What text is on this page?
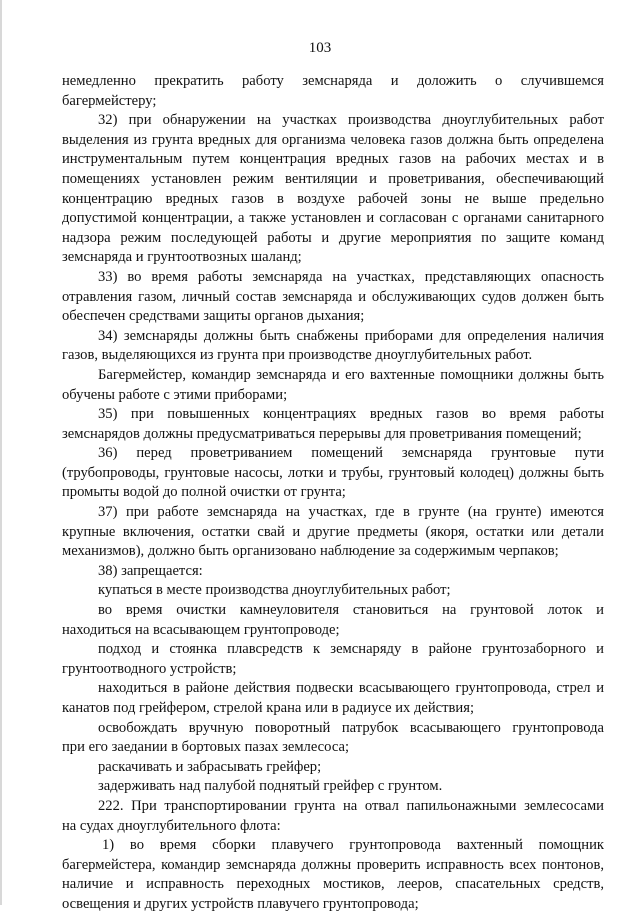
103

немедленно прекратить работу земснаряда и доложить о случившемся

багермейстеру;

32) при обнаружении на участках производства дноуглубительных работ

выделения из грунта вредных для организма человека газов должна быть определена

инструментальным путем концентрация вредных газов на рабочих местах и в

помещениях установлен режим вентиляции и проветривания, обеспечивающий

концентрацию вредных газов в воздухе рабочей зоны не выше предельно

допустимой концентрации, а также установлен и согласован с органами санитарного

надзора режим последующей работы и другие мероприятия по защите команд

земснаряда и грунтоотвозных шаланд;

33) во время работы земснаряда на участках, представляющих опасность

отравления газом, личный состав земснаряда и обслуживающих судов должен быть

обеспечен средствами защиты органов дыхания;

34) земснаряды должны быть снабжены приборами для определения наличия

газов, выделяющихся из грунта при производстве дноуглубительных работ.

Багермейстер, командир земснаряда и его вахтенные помощники должны быть

обучены работе с этими приборами;

35) при повышенных концентрациях вредных газов во время работы

земснарядов должны предусматриваться перерывы для проветривания помещений;

36) перед проветриванием помещений земснаряда грунтовые пути

(трубопроводы, грунтовые насосы, лотки и трубы, грунтовый колодец) должны быть

промыты водой до полной очистки от грунта;

37) при работе земснаряда на участках, где в грунте (на грунте) имеются

крупные включения, остатки свай и другие предметы (якоря, остатки или детали

механизмов), должно быть организовано наблюдение за содержимым черпаков;

38) запрещается:

купаться в месте производства дноуглубительных работ;

во время очистки камнеуловителя становиться на грунтовой лоток и

находиться на всасывающем грунтопроводе;

подход и стоянка плавсредств к земснаряду в районе грунтозаборного и

грунтоотводного устройств;

находиться в районе действия подвески всасывающего грунтопровода, стрел и

канатов под грейфером, стрелой крана или в радиусе их действия;

освобождать вручную поворотный патрубок всасывающего грунтопровода

при его заедании в бортовых пазах землесоса;

раскачивать и забрасывать грейфер;

задерживать над палубой поднятый грейфер с грунтом.

222. При транспортировании грунта на отвал папильонажными землесосами

на судах дноуглубительного флота:

1) во время сборки плавучего грунтопровода вахтенный помощник

багермейстера, командир земснаряда должны проверить исправность всех понтонов,

наличие и исправность переходных мостиков, лееров, спасательных средств,

освещения и других устройств плавучего грунтопровода;
